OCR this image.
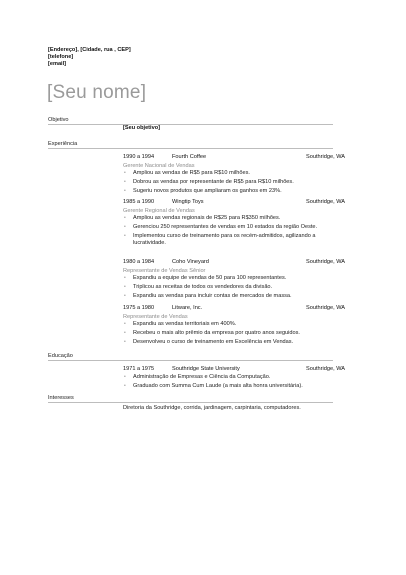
[Endereço], [Cidade, rua , CEP]
[telefone]
[email]
[Seu nome]
Objetivo
[Seu objetivo]
Experiência
1990 a 1994	Fourth Coffee	Southridge, WA
Gerente Nacional de Vendas
• Ampliou as vendas de R$5 para R$10 milhões.
• Dobrou as vendas por representante de R$5 para R$10 milhões.
• Sugeriu novos produtos que ampliaram os ganhos em 23%.
1985 a 1990	Wingtip Toys	Southridge, WA
Gerente Regional de Vendas
• Ampliou as vendas regionais de R$25 para R$350 milhões.
• Gerenciou 250 representantes de vendas em 10 estados da região Oeste.
• Implementou curso de treinamento para os recém-admitidos, agilizando a lucratividade.
1980 a 1984	Coho Vineyard	Southridge, WA
Representante de Vendas Sênior
• Expandiu a equipe de vendas de 50 para 100 representantes.
• Triplicou as receitas de todos os vendedores da divisão.
• Expandiu as vendas para incluir contas de mercados de massa.
1975 a 1980	Litware, Inc.	Southridge, WA
Representante de Vendas
• Expandiu as vendas territoriais em 400%.
• Recebeu o mais alto prêmio da empresa por quatro anos seguidos.
• Desenvolveu o curso de treinamento em Excelência em Vendas.
Educação
1971 a 1975	Southridge State University	Southridge, WA
• Administração de Empresas e Ciência da Computação.
• Graduado com Summa Cum Laude (a mais alta honra universitária).
Interesses
Diretoria da Southridge, corrida, jardinagem, carpintaria, computadores.
